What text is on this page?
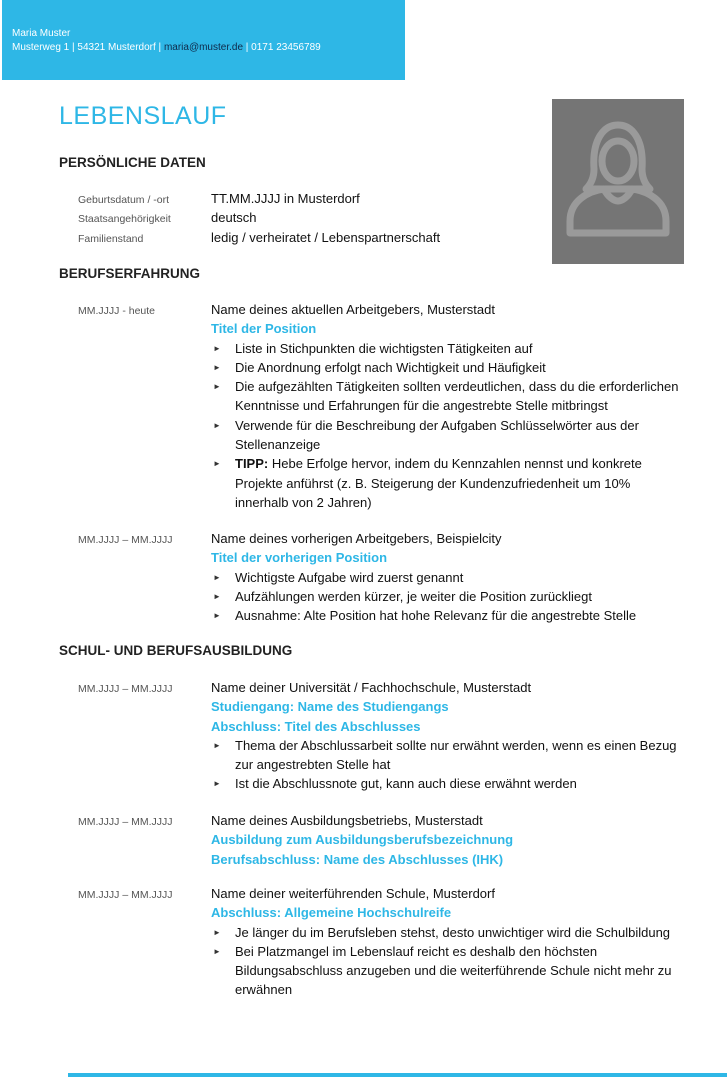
Maria Muster
Musterweg 1 | 54321 Musterdorf | maria@muster.de | 0171 23456789
LEBENSLAUF
PERSÖNLICHE DATEN
Geburtsdatum / -ort	TT.MM.JJJJ in Musterdorf
Staatsangehörigkeit	deutsch
Familienstand	ledig / verheiratet / Lebenspartnerschaft
BERUFSERFAHRUNG
MM.JJJJ - heute	Name deines aktuellen Arbeitgebers, Musterstadt
Titel der Position
► Liste in Stichpunkten die wichtigsten Tätigkeiten auf
► Die Anordnung erfolgt nach Wichtigkeit und Häufigkeit
► Die aufgezählten Tätigkeiten sollten verdeutlichen, dass du die erforderlichen
Kenntnisse und Erfahrungen für die angestrebte Stelle mitbringst
► Verwende für die Beschreibung der Aufgaben Schlüsselwörter aus der
Stellenanzeige
► TIPP: Hebe Erfolge hervor, indem du Kennzahlen nennst und konkrete
Projekte anführst (z. B. Steigerung der Kundenzufriedenheit um 10%
innerhalb von 2 Jahren)
MM.JJJJ – MM.JJJJ	Name deines vorherigen Arbeitgebers, Beispielcity
Titel der vorherigen Position
► Wichtigste Aufgabe wird zuerst genannt
► Aufzählungen werden kürzer, je weiter die Position zurückliegt
► Ausnahme: Alte Position hat hohe Relevanz für die angestrebte Stelle
SCHUL- UND BERUFSAUSBILDUNG
MM.JJJJ – MM.JJJJ	Name deiner Universität / Fachhochschule, Musterstadt
Studiengang: Name des Studiengangs
Abschluss: Titel des Abschlusses
► Thema der Abschlussarbeit sollte nur erwähnt werden, wenn es einen Bezug
zur angestrebten Stelle hat
► Ist die Abschlussnote gut, kann auch diese erwähnt werden
MM.JJJJ – MM.JJJJ	Name deines Ausbildungsbetriebs, Musterstadt
Ausbildung zum Ausbildungsberufsbezeichnung
Berufsabschluss: Name des Abschlusses (IHK)
MM.JJJJ – MM.JJJJ	Name deiner weiterführenden Schule, Musterdorf
Abschluss: Allgemeine Hochschulreife
► Je länger du im Berufsleben stehst, desto unwichtiger wird die Schulbildung
► Bei Platzmangel im Lebenslauf reicht es deshalb den höchsten
Bildungsabschluss anzugeben und die weiterführende Schule nicht mehr zu
erwähnen
